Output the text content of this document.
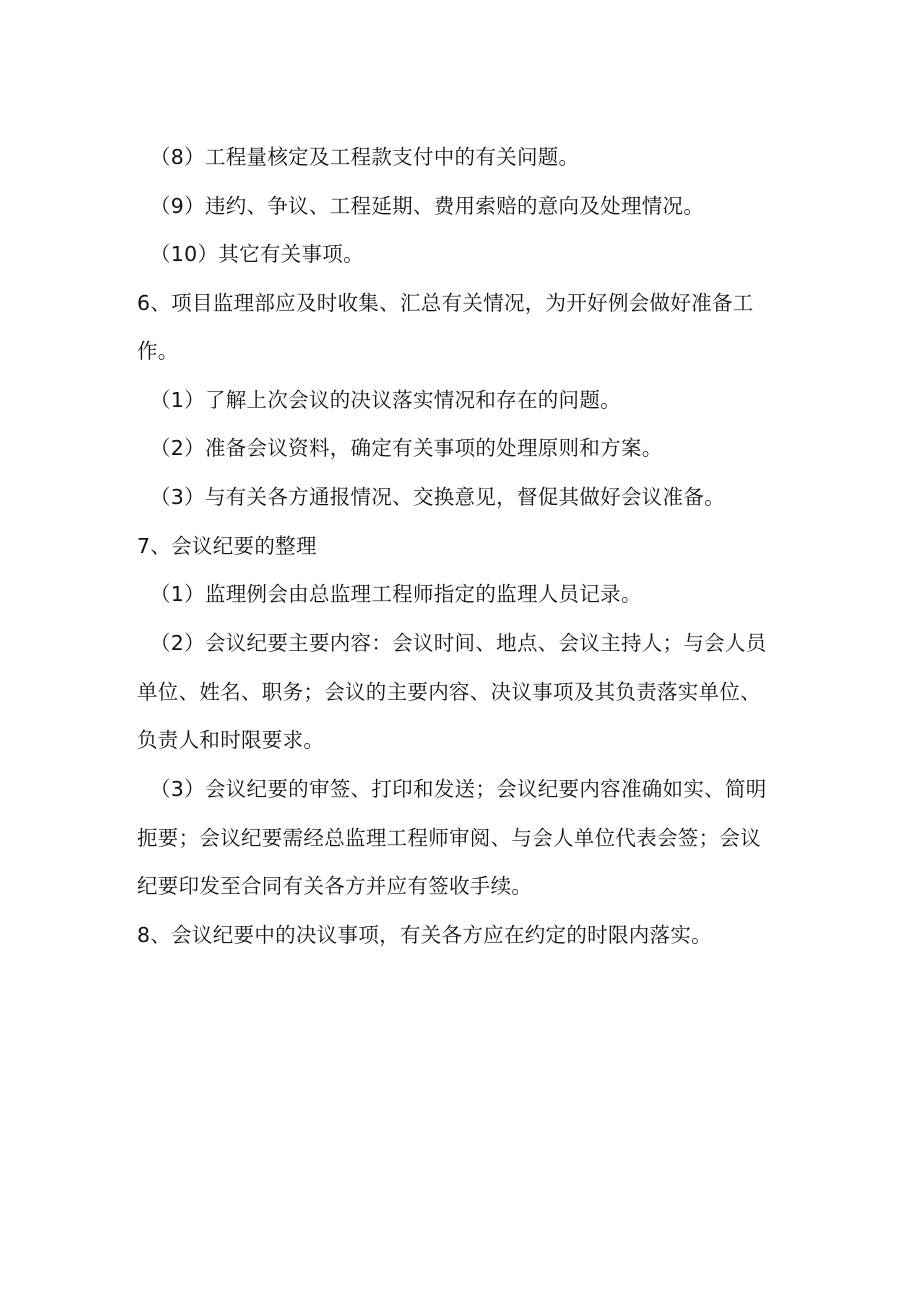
（8）工程量核定及工程款支付中的有关问题。
（9）违约、争议、工程延期、费用索赔的意向及处理情况。
（10）其它有关事项。
6、项目监理部应及时收集、汇总有关情况，为开好例会做好准备工
作。
（1）了解上次会议的决议落实情况和存在的问题。
（2）准备会议资料，确定有关事项的处理原则和方案。
（3）与有关各方通报情况、交换意见，督促其做好会议准备。
7、会议纪要的整理
（1）监理例会由总监理工程师指定的监理人员记录。
（2）会议纪要主要内容：会议时间、地点、会议主持人；与会人员
单位、姓名、职务；会议的主要内容、决议事项及其负责落实单位、
负责人和时限要求。
（3）会议纪要的审签、打印和发送；会议纪要内容准确如实、简明
扼要；会议纪要需经总监理工程师审阅、与会人单位代表会签；会议
纪要印发至合同有关各方并应有签收手续。
8、会议纪要中的决议事项，有关各方应在约定的时限内落实。
